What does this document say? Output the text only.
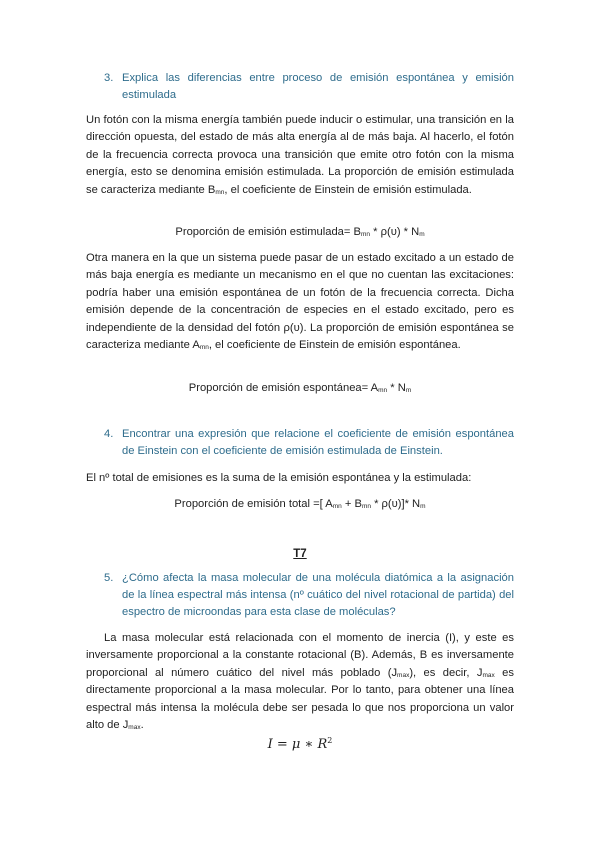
3. Explica las diferencias entre proceso de emisión espontánea y emisión estimulada
Un fotón con la misma energía también puede inducir o estimular, una transición en la dirección opuesta, del estado de más alta energía al de más baja. Al hacerlo, el fotón de la frecuencia correcta provoca una transición que emite otro fotón con la misma energía, esto se denomina emisión estimulada. La proporción de emisión estimulada se caracteriza mediante $B_{mn}$, el coeficiente de Einstein de emisión estimulada.
Proporción de emisión estimulada= $B_{mn} * \rho(\upsilon) * N_m$
Otra manera en la que un sistema puede pasar de un estado excitado a un estado de más baja energía es mediante un mecanismo en el que no cuentan las excitaciones: podría haber una emisión espontánea de un fotón de la frecuencia correcta. Dicha emisión depende de la concentración de especies en el estado excitado, pero es independiente de la densidad del fotón ρ(υ). La proporción de emisión espontánea se caracteriza mediante $A_{mn}$, el coeficiente de Einstein de emisión espontánea.
Proporción de emisión espontánea= $A_{mn} * N_m$
4. Encontrar una expresión que relacione el coeficiente de emisión espontánea de Einstein con el coeficiente de emisión estimulada de Einstein.
El nº total de emisiones es la suma de la emisión espontánea y la estimulada:
Proporción de emisión total =[ $A_{mn} + B_{mn} * \rho(\upsilon)]*$ $N_m$
T7
5. ¿Cómo afecta la masa molecular de una molécula diatómica a la asignación de la línea espectral más intensa (nº cuático del nivel rotacional de partida) del espectro de microondas para esta clase de moléculas?
La masa molecular está relacionada con el momento de inercia (I), y este es inversamente proporcional a la constante rotacional (B). Además, B es inversamente proporcional al número cuático del nivel más poblado $(J_{max})$, es decir, $J_{max}$ es directamente proporcional a la masa molecular. Por lo tanto, para obtener una línea espectral más intensa la molécula debe ser pesada lo que nos proporciona un valor alto de $J_{max}$.
I = μ ∗ $R^2$
